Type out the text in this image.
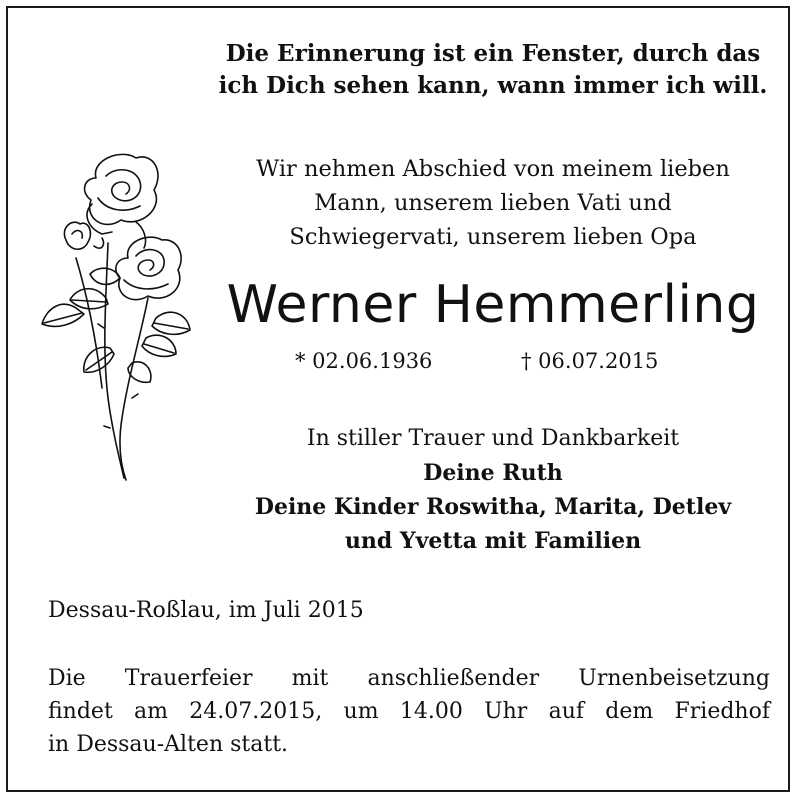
Die Erinnerung ist ein Fenster, durch das
ich Dich sehen kann, wann immer ich will.
Wir nehmen Abschied von meinem lieben
Mann, unserem lieben Vati und
Schwiegervati, unserem lieben Opa
Werner Hemmerling
* 02.06.1936	† 06.07.2015
In stiller Trauer und Dankbarkeit
Deine Ruth
Deine Kinder Roswitha, Marita, Detlev
und Yvetta mit Familien
Dessau-Roßlau, im Juli 2015
Die Trauerfeier mit anschließender Urnenbeisetzung
findet am 24.07.2015, um 14.00 Uhr auf dem Friedhof
in Dessau-Alten statt.
